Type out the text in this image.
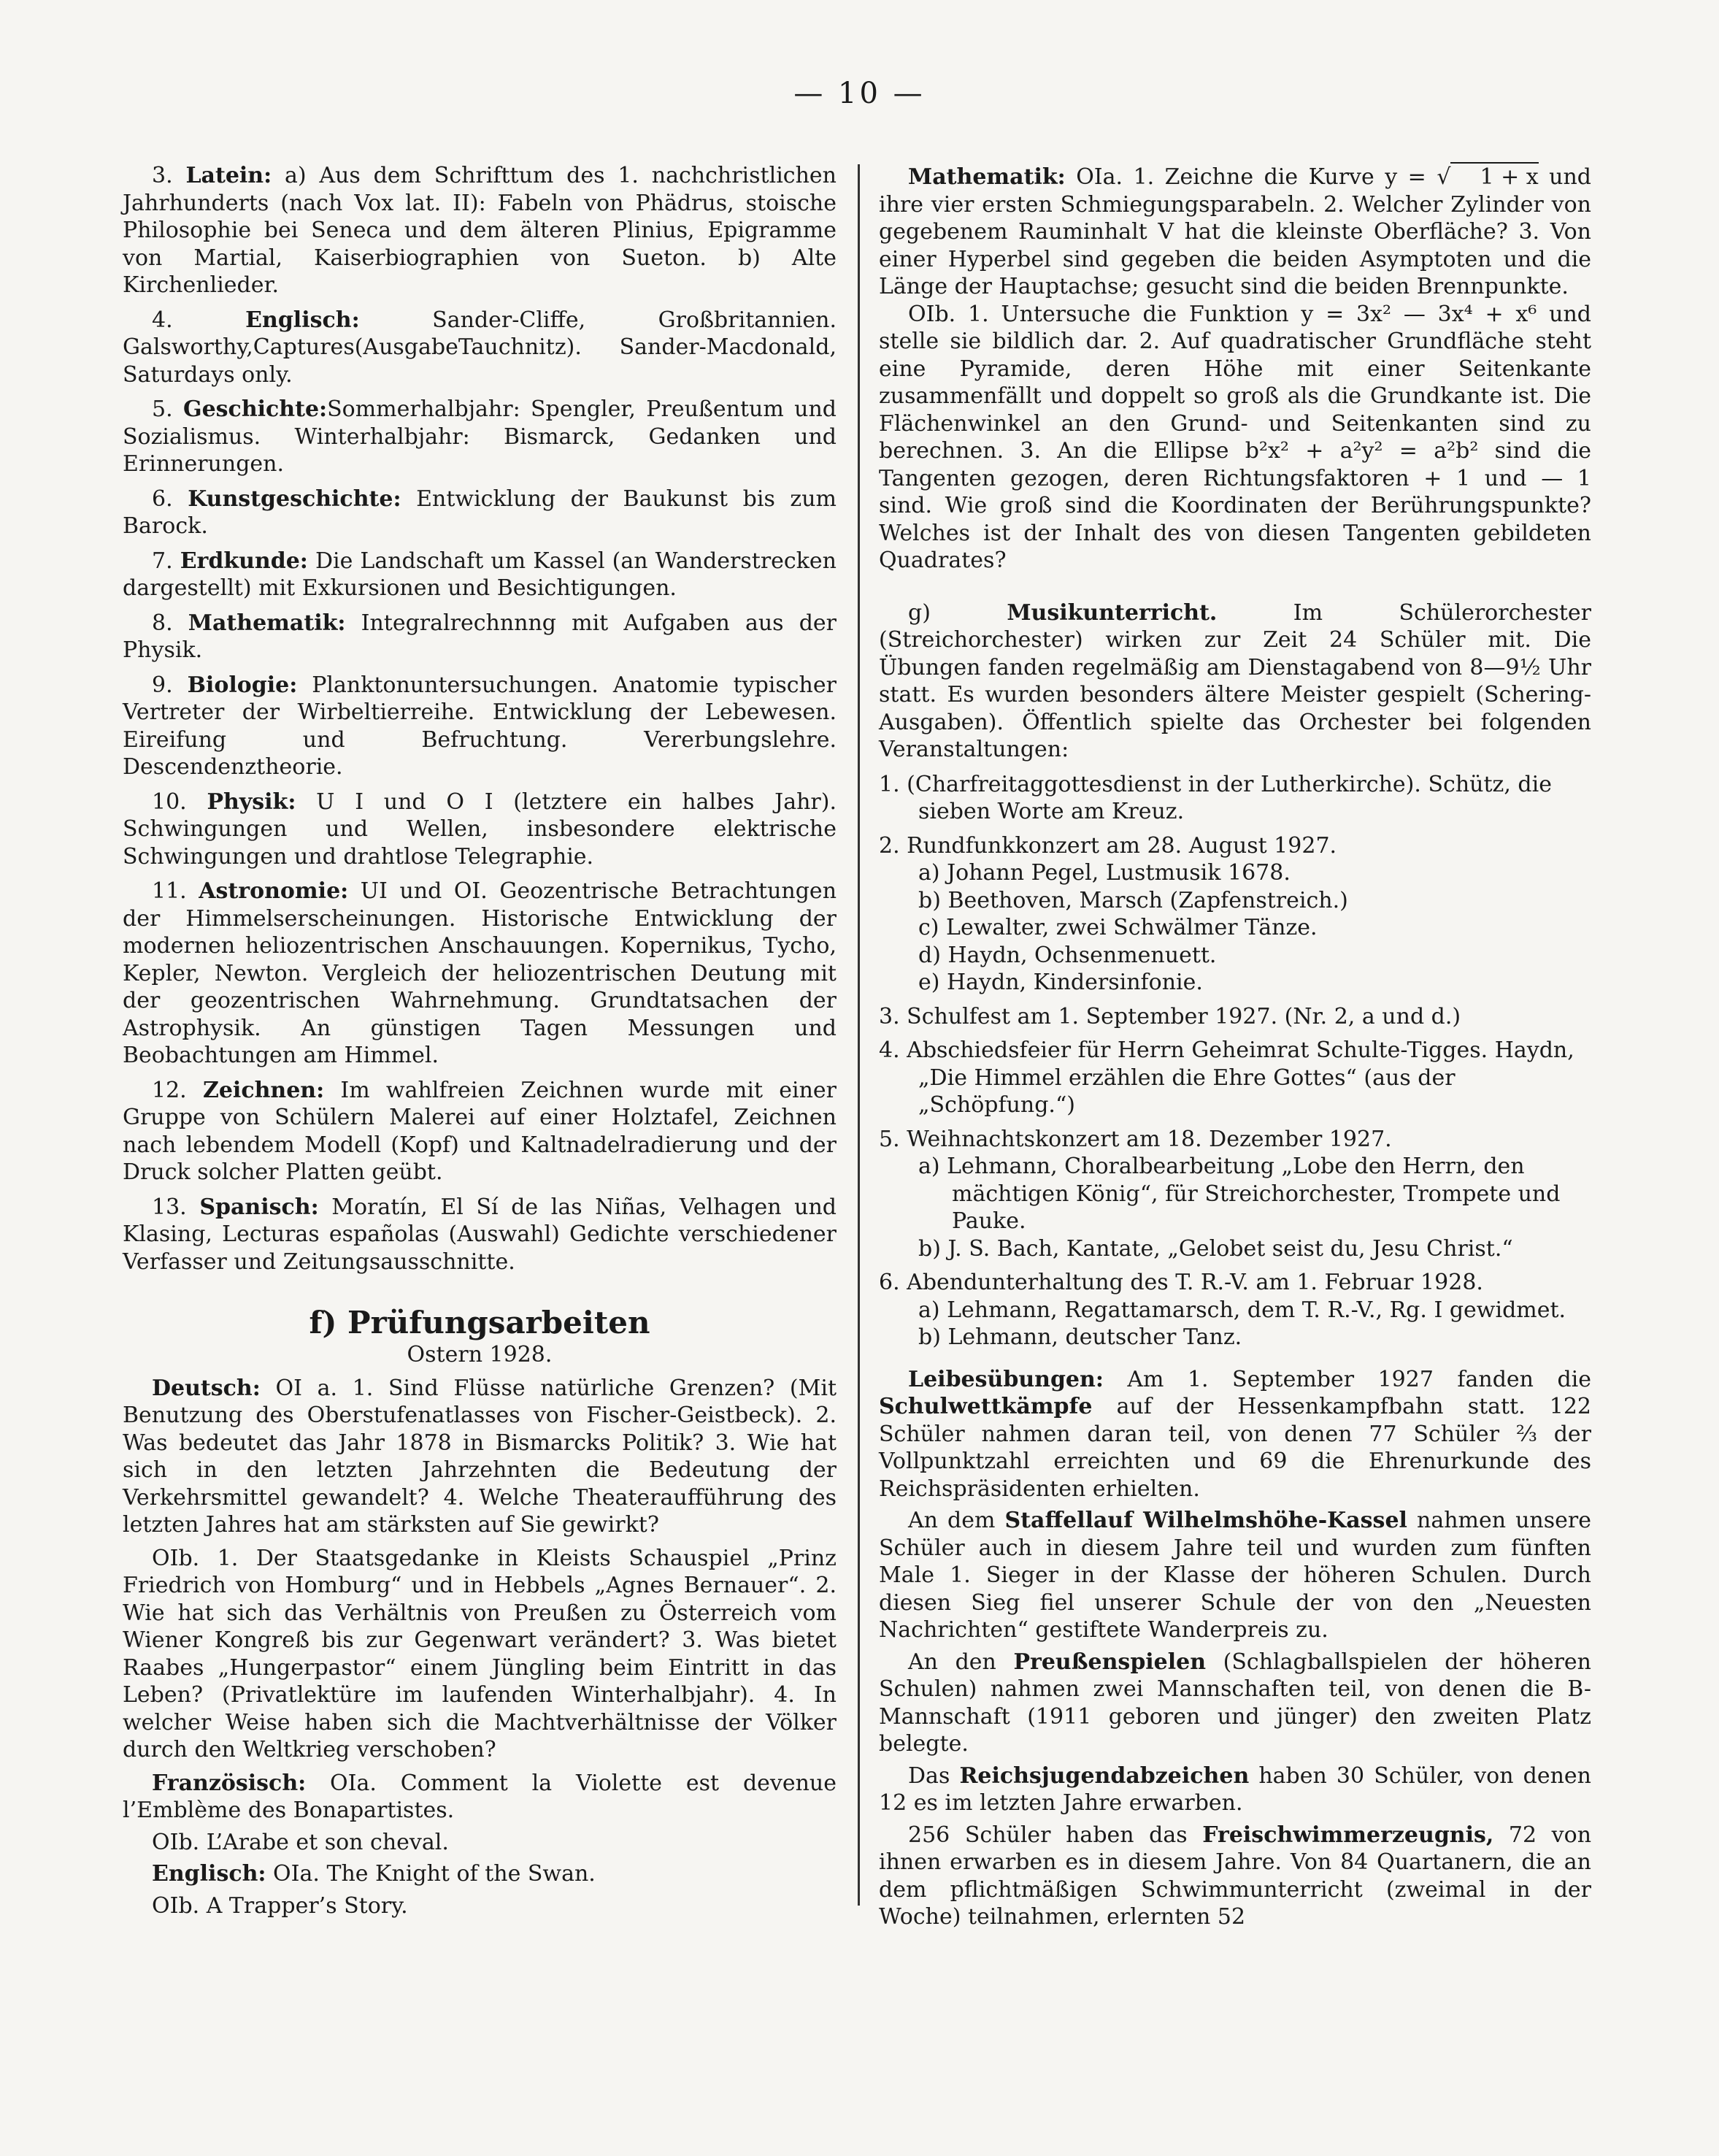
— 10 —

3. Latein: a) Aus dem Schrifttum des 1. nachchristlichen Jahrhunderts (nach Vox lat. II): Fabeln von Phädrus, stoische Philosophie bei Seneca und dem älteren Plinius, Epigramme von Martial, Kaiserbiographien von Sueton. b) Alte Kirchenlieder.

4. Englisch: Sander-Cliffe, Großbritannien. Galsworthy,Captures(AusgabeTauchnitz). Sander-Macdonald, Saturdays only.

5. Geschichte:Sommerhalbjahr: Spengler, Preußentum und Sozialismus. Winterhalbjahr: Bismarck, Gedanken und Erinnerungen.

6. Kunstgeschichte: Entwicklung der Baukunst bis zum Barock.

7. Erdkunde: Die Landschaft um Kassel (an Wanderstrecken dargestellt) mit Exkursionen und Besichtigungen.

8. Mathematik: Integralrechnnng mit Aufgaben aus der Physik.

9. Biologie: Planktonuntersuchungen. Anatomie typischer Vertreter der Wirbeltierreihe. Entwicklung der Lebewesen. Eireifung und Befruchtung. Vererbungslehre. Descendenztheorie.

10. Physik: U I und O I (letztere ein halbes Jahr). Schwingungen und Wellen, insbesondere elektrische Schwingungen und drahtlose Telegraphie.

11. Astronomie: UI und OI. Geozentrische Betrachtungen der Himmelserscheinungen. Historische Entwicklung der modernen heliozentrischen Anschauungen. Kopernikus, Tycho, Kepler, Newton. Vergleich der heliozentrischen Deutung mit der geozentrischen Wahrnehmung. Grundtatsachen der Astrophysik. An günstigen Tagen Messungen und Beobachtungen am Himmel.

12. Zeichnen: Im wahlfreien Zeichnen wurde mit einer Gruppe von Schülern Malerei auf einer Holztafel, Zeichnen nach lebendem Modell (Kopf) und Kaltnadelradierung und der Druck solcher Platten geübt.

13. Spanisch: Moratín, El Sí de las Niñas, Velhagen und Klasing, Lecturas españolas (Auswahl) Gedichte verschiedener Verfasser und Zeitungsausschnitte.

f) Prüfungsarbeiten
Ostern 1928.

Deutsch: OI a. 1. Sind Flüsse natürliche Grenzen? (Mit Benutzung des Oberstufenatlasses von Fischer-Geistbeck). 2. Was bedeutet das Jahr 1878 in Bismarcks Politik? 3. Wie hat sich in den letzten Jahrzehnten die Bedeutung der Verkehrsmittel gewandelt? 4. Welche Theateraufführung des letzten Jahres hat am stärksten auf Sie gewirkt?

OIb. 1. Der Staatsgedanke in Kleists Schauspiel „Prinz Friedrich von Homburg“ und in Hebbels „Agnes Bernauer“. 2. Wie hat sich das Verhältnis von Preußen zu Österreich vom Wiener Kongreß bis zur Gegenwart verändert? 3. Was bietet Raabes „Hungerpastor“ einem Jüngling beim Eintritt in das Leben? (Privatlektüre im laufenden Winterhalbjahr). 4. In welcher Weise haben sich die Machtverhältnisse der Völker durch den Weltkrieg verschoben?

Französisch: OIa. Comment la Violette est devenue l’Emblème des Bonapartistes.

OIb. L’Arabe et son cheval.

Englisch: OIa. The Knight of the Swan.

OIb. A Trapper’s Story.

Mathematik: OIa. 1. Zeichne die Kurve y = √ 1 + x und ihre vier ersten Schmiegungsparabeln. 2. Welcher Zylinder von gegebenem Rauminhalt V hat die kleinste Oberfläche? 3. Von einer Hyperbel sind gegeben die beiden Asymptoten und die Länge der Hauptachse; gesucht sind die beiden Brennpunkte.

OIb. 1. Untersuche die Funktion y = 3x² — 3x⁴ + x⁶ und stelle sie bildlich dar. 2. Auf quadratischer Grundfläche steht eine Pyramide, deren Höhe mit einer Seitenkante zusammenfällt und doppelt so groß als die Grundkante ist. Die Flächenwinkel an den Grund- und Seitenkanten sind zu berechnen. 3. An die Ellipse b²x² + a²y² = a²b² sind die Tangenten gezogen, deren Richtungsfaktoren + 1 und — 1 sind. Wie groß sind die Koordinaten der Berührungspunkte? Welches ist der Inhalt des von diesen Tangenten gebildeten Quadrates?

g) Musikunterricht. Im Schülerorchester (Streichorchester) wirken zur Zeit 24 Schüler mit. Die Übungen fanden regelmäßig am Dienstagabend von 8—9½ Uhr statt. Es wurden besonders ältere Meister gespielt (Schering-Ausgaben). Öffentlich spielte das Orchester bei folgenden Veranstaltungen:

1. (Charfreitaggottesdienst in der Lutherkirche). Schütz, die sieben Worte am Kreuz.

2. Rundfunkkonzert am 28. August 1927.

a) Johann Pegel, Lustmusik 1678.

b) Beethoven, Marsch (Zapfenstreich.)

c) Lewalter, zwei Schwälmer Tänze.

d) Haydn, Ochsenmenuett.

e) Haydn, Kindersinfonie.

3. Schulfest am 1. September 1927. (Nr. 2, a und d.)

4. Abschiedsfeier für Herrn Geheimrat Schulte-Tigges. Haydn, „Die Himmel erzählen die Ehre Gottes“ (aus der „Schöpfung.“)

5. Weihnachtskonzert am 18. Dezember 1927.

a) Lehmann, Choralbearbeitung „Lobe den Herrn, den mächtigen König“, für Streichorchester, Trompete und Pauke.

b) J. S. Bach, Kantate, „Gelobet seist du, Jesu Christ.“

6. Abendunterhaltung des T. R.-V. am 1. Februar 1928.

a) Lehmann, Regattamarsch, dem T. R.-V., Rg. I gewidmet.

b) Lehmann, deutscher Tanz.

Leibesübungen: Am 1. September 1927 fanden die Schulwettkämpfe auf der Hessenkampfbahn statt. 122 Schüler nahmen daran teil, von denen 77 Schüler ⅔ der Vollpunktzahl erreichten und 69 die Ehrenurkunde des Reichspräsidenten erhielten.

An dem Staffellauf Wilhelmshöhe-Kassel nahmen unsere Schüler auch in diesem Jahre teil und wurden zum fünften Male 1. Sieger in der Klasse der höheren Schulen. Durch diesen Sieg fiel unserer Schule der von den „Neuesten Nachrichten“ gestiftete Wanderpreis zu.

An den Preußenspielen (Schlagballspielen der höheren Schulen) nahmen zwei Mannschaften teil, von denen die B-Mannschaft (1911 geboren und jünger) den zweiten Platz belegte.

Das Reichsjugendabzeichen haben 30 Schüler, von denen 12 es im letzten Jahre erwarben.

256 Schüler haben das Freischwimmerzeugnis, 72 von ihnen erwarben es in diesem Jahre. Von 84 Quartanern, die an dem pflichtmäßigen Schwimmunterricht (zweimal in der Woche) teilnahmen, erlernten 52
